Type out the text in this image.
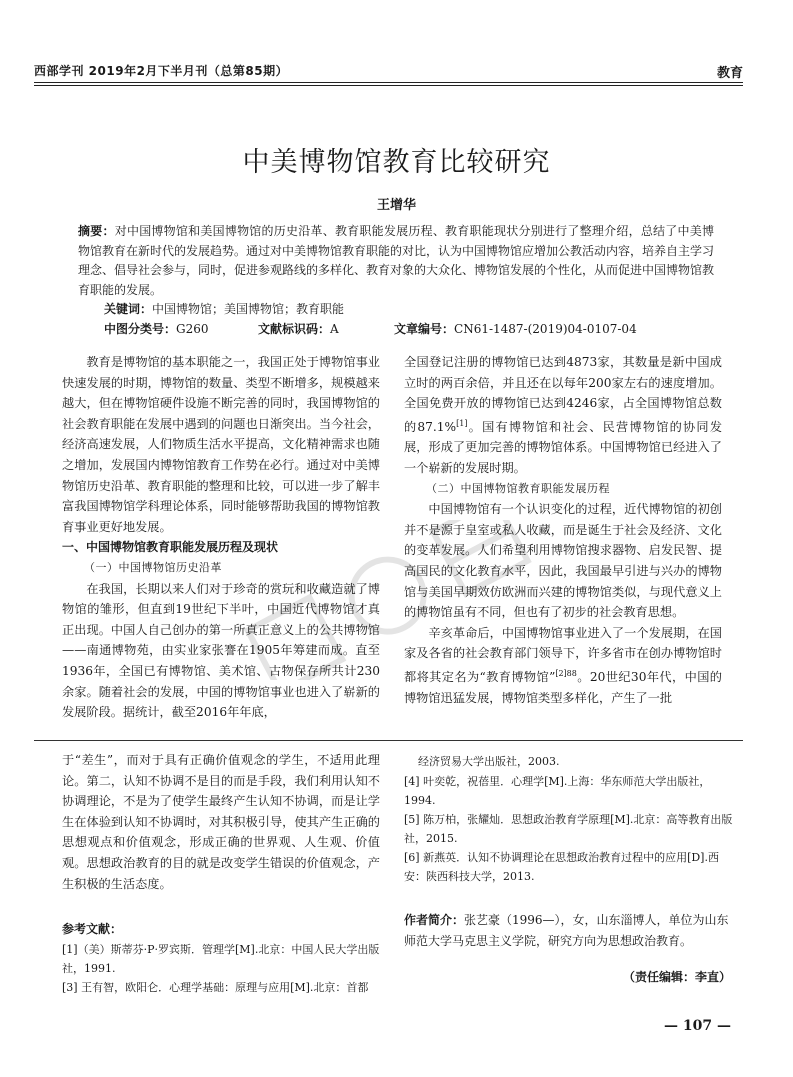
西部学刊 2019年2月下半月刊（总第85期）	教育
中美博物馆教育比较研究
王增华
摘要：对中国博物馆和美国博物馆的历史沿革、教育职能发展历程、教育职能现状分别进行了整理介绍，总结了中美博物馆教育在新时代的发展趋势。通过对中美博物馆教育职能的对比，认为中国博物馆应增加公教活动内容，培养自主学习理念、倡导社会参与，同时，促进参观路线的多样化、教育对象的大众化、博物馆发展的个性化，从而促进中国博物馆教育职能的发展。
关键词：中国博物馆；美国博物馆；教育职能
中图分类号：G260	文献标识码：A	文章编号：CN61-1487-(2019)04-0107-04

教育是博物馆的基本职能之一，我国正处于博物馆事业快速发展的时期，博物馆的数量、类型不断增多，规模越来越大，但在博物馆硬件设施不断完善的同时，我国博物馆的社会教育职能在发展中遇到的问题也日渐突出。当今社会，经济高速发展，人们物质生活水平提高，文化精神需求也随之增加，发展国内博物馆教育工作势在必行。通过对中美博物馆历史沿革、教育职能的整理和比较，可以进一步了解丰富我国博物馆学科理论体系，同时能够帮助我国的博物馆教育事业更好地发展。

一、中国博物馆教育职能发展历程及现状

（一）中国博物馆历史沿革

在我国，长期以来人们对于珍奇的赏玩和收藏造就了博物馆的雏形，但直到19世纪下半叶，中国近代博物馆才真正出现。中国人自己创办的第一所真正意义上的公共博物馆——南通博物苑，由实业家张謇在1905年筹建而成。直至1936年，全国已有博物馆、美术馆、古物保存所共计230余家。随着社会的发展，中国的博物馆事业也进入了崭新的发展阶段。据统计，截至2016年年底，

全国登记注册的博物馆已达到4873家，其数量是新中国成立时的两百余倍，并且还在以每年200家左右的速度增加。全国免费开放的博物馆已达到4246家，占全国博物馆总数的87.1%[1]。国有博物馆和社会、民营博物馆的协同发展，形成了更加完善的博物馆体系。中国博物馆已经进入了一个崭新的发展时期。

（二）中国博物馆教育职能发展历程

中国博物馆有一个认识变化的过程，近代博物馆的初创并不是源于皇室或私人收藏，而是诞生于社会及经济、文化的变革发展。人们希望利用博物馆搜求器物、启发民智、提高国民的文化教育水平，因此，我国最早引进与兴办的博物馆与美国早期效仿欧洲而兴建的博物馆类似，与现代意义上的博物馆虽有不同，但也有了初步的社会教育思想。

辛亥革命后，中国博物馆事业进入了一个发展期，在国家及各省的社会教育部门领导下，许多省市在创办博物馆时都将其定名为“教育博物馆”$^{[2]88}$。20世纪30年代，中国的博物馆迅猛发展，博物馆类型多样化，产生了一批

于“差生”，而对于具有正确价值观念的学生，不适用此理论。第二，认知不协调不是目的而是手段，我们利用认知不协调理论，不是为了使学生最终产生认知不协调，而是让学生在体验到认知不协调时，对其积极引导，使其产生正确的思想观点和价值观念，形成正确的世界观、人生观、价值观。思想政治教育的目的就是改变学生错误的价值观念，产生积极的生活态度。

参考文献：
[1]（美）斯蒂芬·P·罗宾斯．管理学[M].北京：中国人民大学出版社，1991.
[3] 王有智，欧阳仑．心理学基础：原理与应用[M].北京：首都
经济贸易大学出版社，2003.
[4] 叶奕乾，祝蓓里．心理学[M].上海：华东师范大学出版社，1994.
[5] 陈万柏，张耀灿．思想政治教育学原理[M].北京：高等教育出版社，2015.
[6] 新燕英．认知不协调理论在思想政治教育过程中的应用[D].西安：陕西科技大学，2013.
作者简介：张艺豪（1996—），女，山东淄博人，单位为山东师范大学马克思主义学院，研究方向为思想政治教育。
（责任编辑：李直）
— 107 —
